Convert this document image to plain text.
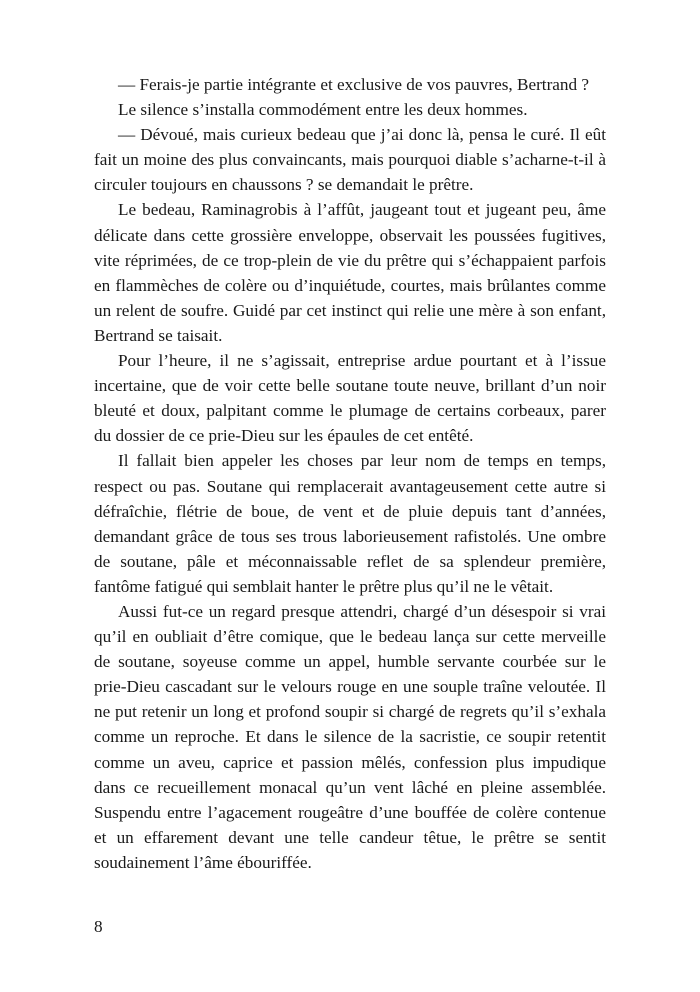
— Ferais-je partie intégrante et exclusive de vos pauvres, Bertrand ?

Le silence s’installa commodément entre les deux hommes.

— Dévoué, mais curieux bedeau que j’ai donc là, pensa le curé. Il eût fait un moine des plus convaincants, mais pourquoi diable s’acharne-t-il à circuler toujours en chaussons ? se demandait le prêtre.

Le bedeau, Raminagrobis à l’affût, jaugeant tout et jugeant peu, âme délicate dans cette grossière enveloppe, observait les poussées fugitives, vite réprimées, de ce trop-plein de vie du prêtre qui s’échappaient parfois en flammèches de colère ou d’inquiétude, courtes, mais brûlantes comme un relent de soufre. Guidé par cet instinct qui relie une mère à son enfant, Bertrand se taisait.

Pour l’heure, il ne s’agissait, entreprise ardue pourtant et à l’issue incertaine, que de voir cette belle soutane toute neuve, brillant d’un noir bleuté et doux, palpitant comme le plumage de certains corbeaux, parer du dossier de ce prie-Dieu sur les épaules de cet entêté.

Il fallait bien appeler les choses par leur nom de temps en temps, respect ou pas. Soutane qui remplacerait avantageusement cette autre si défraîchie, flétrie de boue, de vent et de pluie depuis tant d’années, demandant grâce de tous ses trous laborieusement rafistolés. Une ombre de soutane, pâle et méconnaissable reflet de sa splendeur première, fantôme fatigué qui semblait hanter le prêtre plus qu’il ne le vêtait.

Aussi fut-ce un regard presque attendri, chargé d’un désespoir si vrai qu’il en oubliait d’être comique, que le bedeau lança sur cette merveille de soutane, soyeuse comme un appel, humble servante courbée sur le prie-Dieu cascadant sur le velours rouge en une souple traîne veloutée. Il ne put retenir un long et profond soupir si chargé de regrets qu’il s’exhala comme un reproche. Et dans le silence de la sacristie, ce soupir retentit comme un aveu, caprice et passion mêlés, confession plus impudique dans ce recueillement monacal qu’un vent lâché en pleine assemblée. Suspendu entre l’agacement rougeâtre d’une bouffée de colère contenue et un effarement devant une telle candeur têtue, le prêtre se sentit soudainement l’âme ébouriffée.

8
